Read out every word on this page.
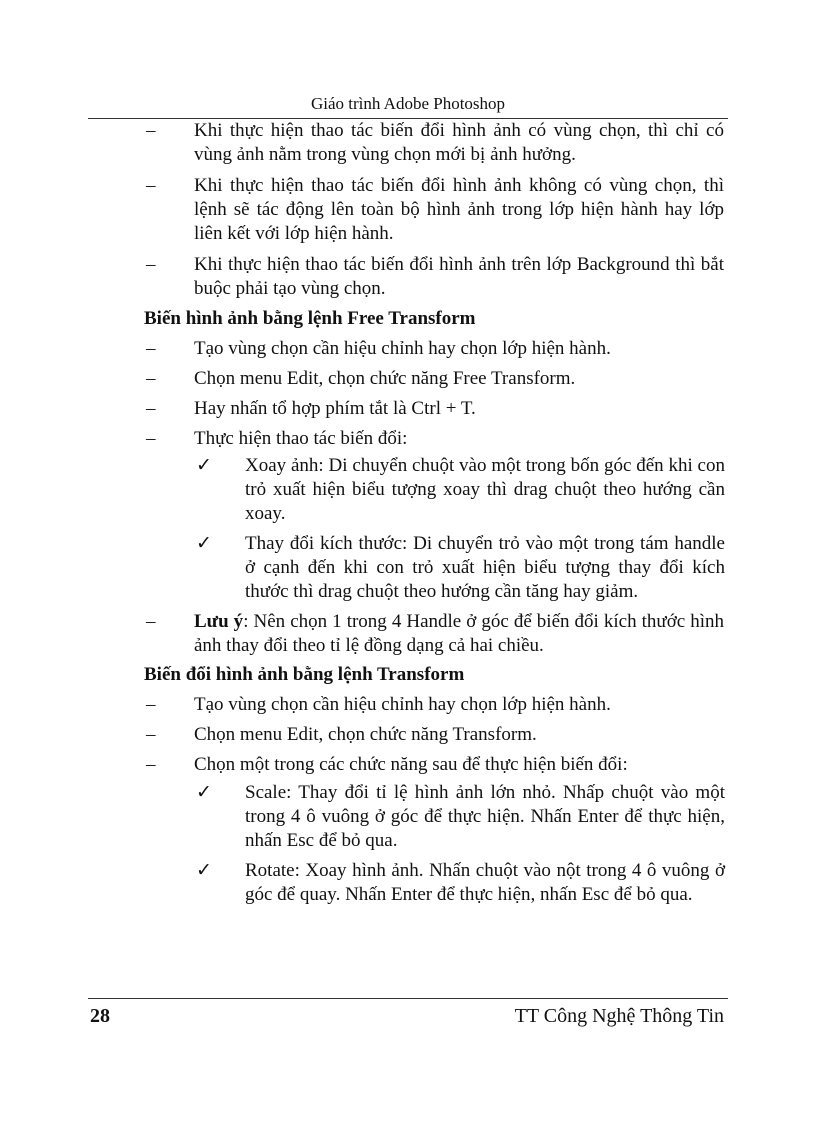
Giáo trình Adobe Photoshop
– Khi thực hiện thao tác biến đổi hình ảnh có vùng chọn, thì chỉ có vùng ảnh nằm trong vùng chọn mới bị ảnh hưởng.
– Khi thực hiện thao tác biến đổi hình ảnh không có vùng chọn, thì lệnh sẽ tác động lên toàn bộ hình ảnh trong lớp hiện hành hay lớp liên kết với lớp hiện hành.
– Khi thực hiện thao tác biến đổi hình ảnh trên lớp Background thì bắt buộc phải tạo vùng chọn.
Biến hình ảnh bằng lệnh Free Transform
– Tạo vùng chọn cần hiệu chỉnh hay chọn lớp hiện hành.
– Chọn menu Edit, chọn chức năng Free Transform.
– Hay nhấn tổ hợp phím tắt là Ctrl + T.
– Thực hiện thao tác biến đổi:
✓ Xoay ảnh: Di chuyển chuột vào một trong bốn góc đến khi con trỏ xuất hiện biểu tượng xoay thì drag chuột theo hướng cần xoay.
✓ Thay đổi kích thước: Di chuyển trỏ vào một trong tám handle ở cạnh đến khi con trỏ xuất hiện biểu tượng thay đổi kích thước thì drag chuột theo hướng cần tăng hay giảm.
– Lưu ý: Nên chọn 1 trong 4 Handle ở góc để biến đổi kích thước hình ảnh thay đổi theo tỉ lệ đồng dạng cả hai chiều.
Biến đổi hình ảnh bằng lệnh Transform
– Tạo vùng chọn cần hiệu chỉnh hay chọn lớp hiện hành.
– Chọn menu Edit, chọn chức năng Transform.
– Chọn một trong các chức năng sau để thực hiện biến đổi:
✓ Scale: Thay đổi tỉ lệ hình ảnh lớn nhỏ. Nhấp chuột vào một trong 4 ô vuông ở góc để thực hiện. Nhấn Enter để thực hiện, nhấn Esc để bỏ qua.
✓ Rotate: Xoay hình ảnh. Nhấn chuột vào nột trong 4 ô vuông ở góc để quay. Nhấn Enter để thực hiện, nhấn Esc để bỏ qua.
28	TT Công Nghệ Thông Tin
